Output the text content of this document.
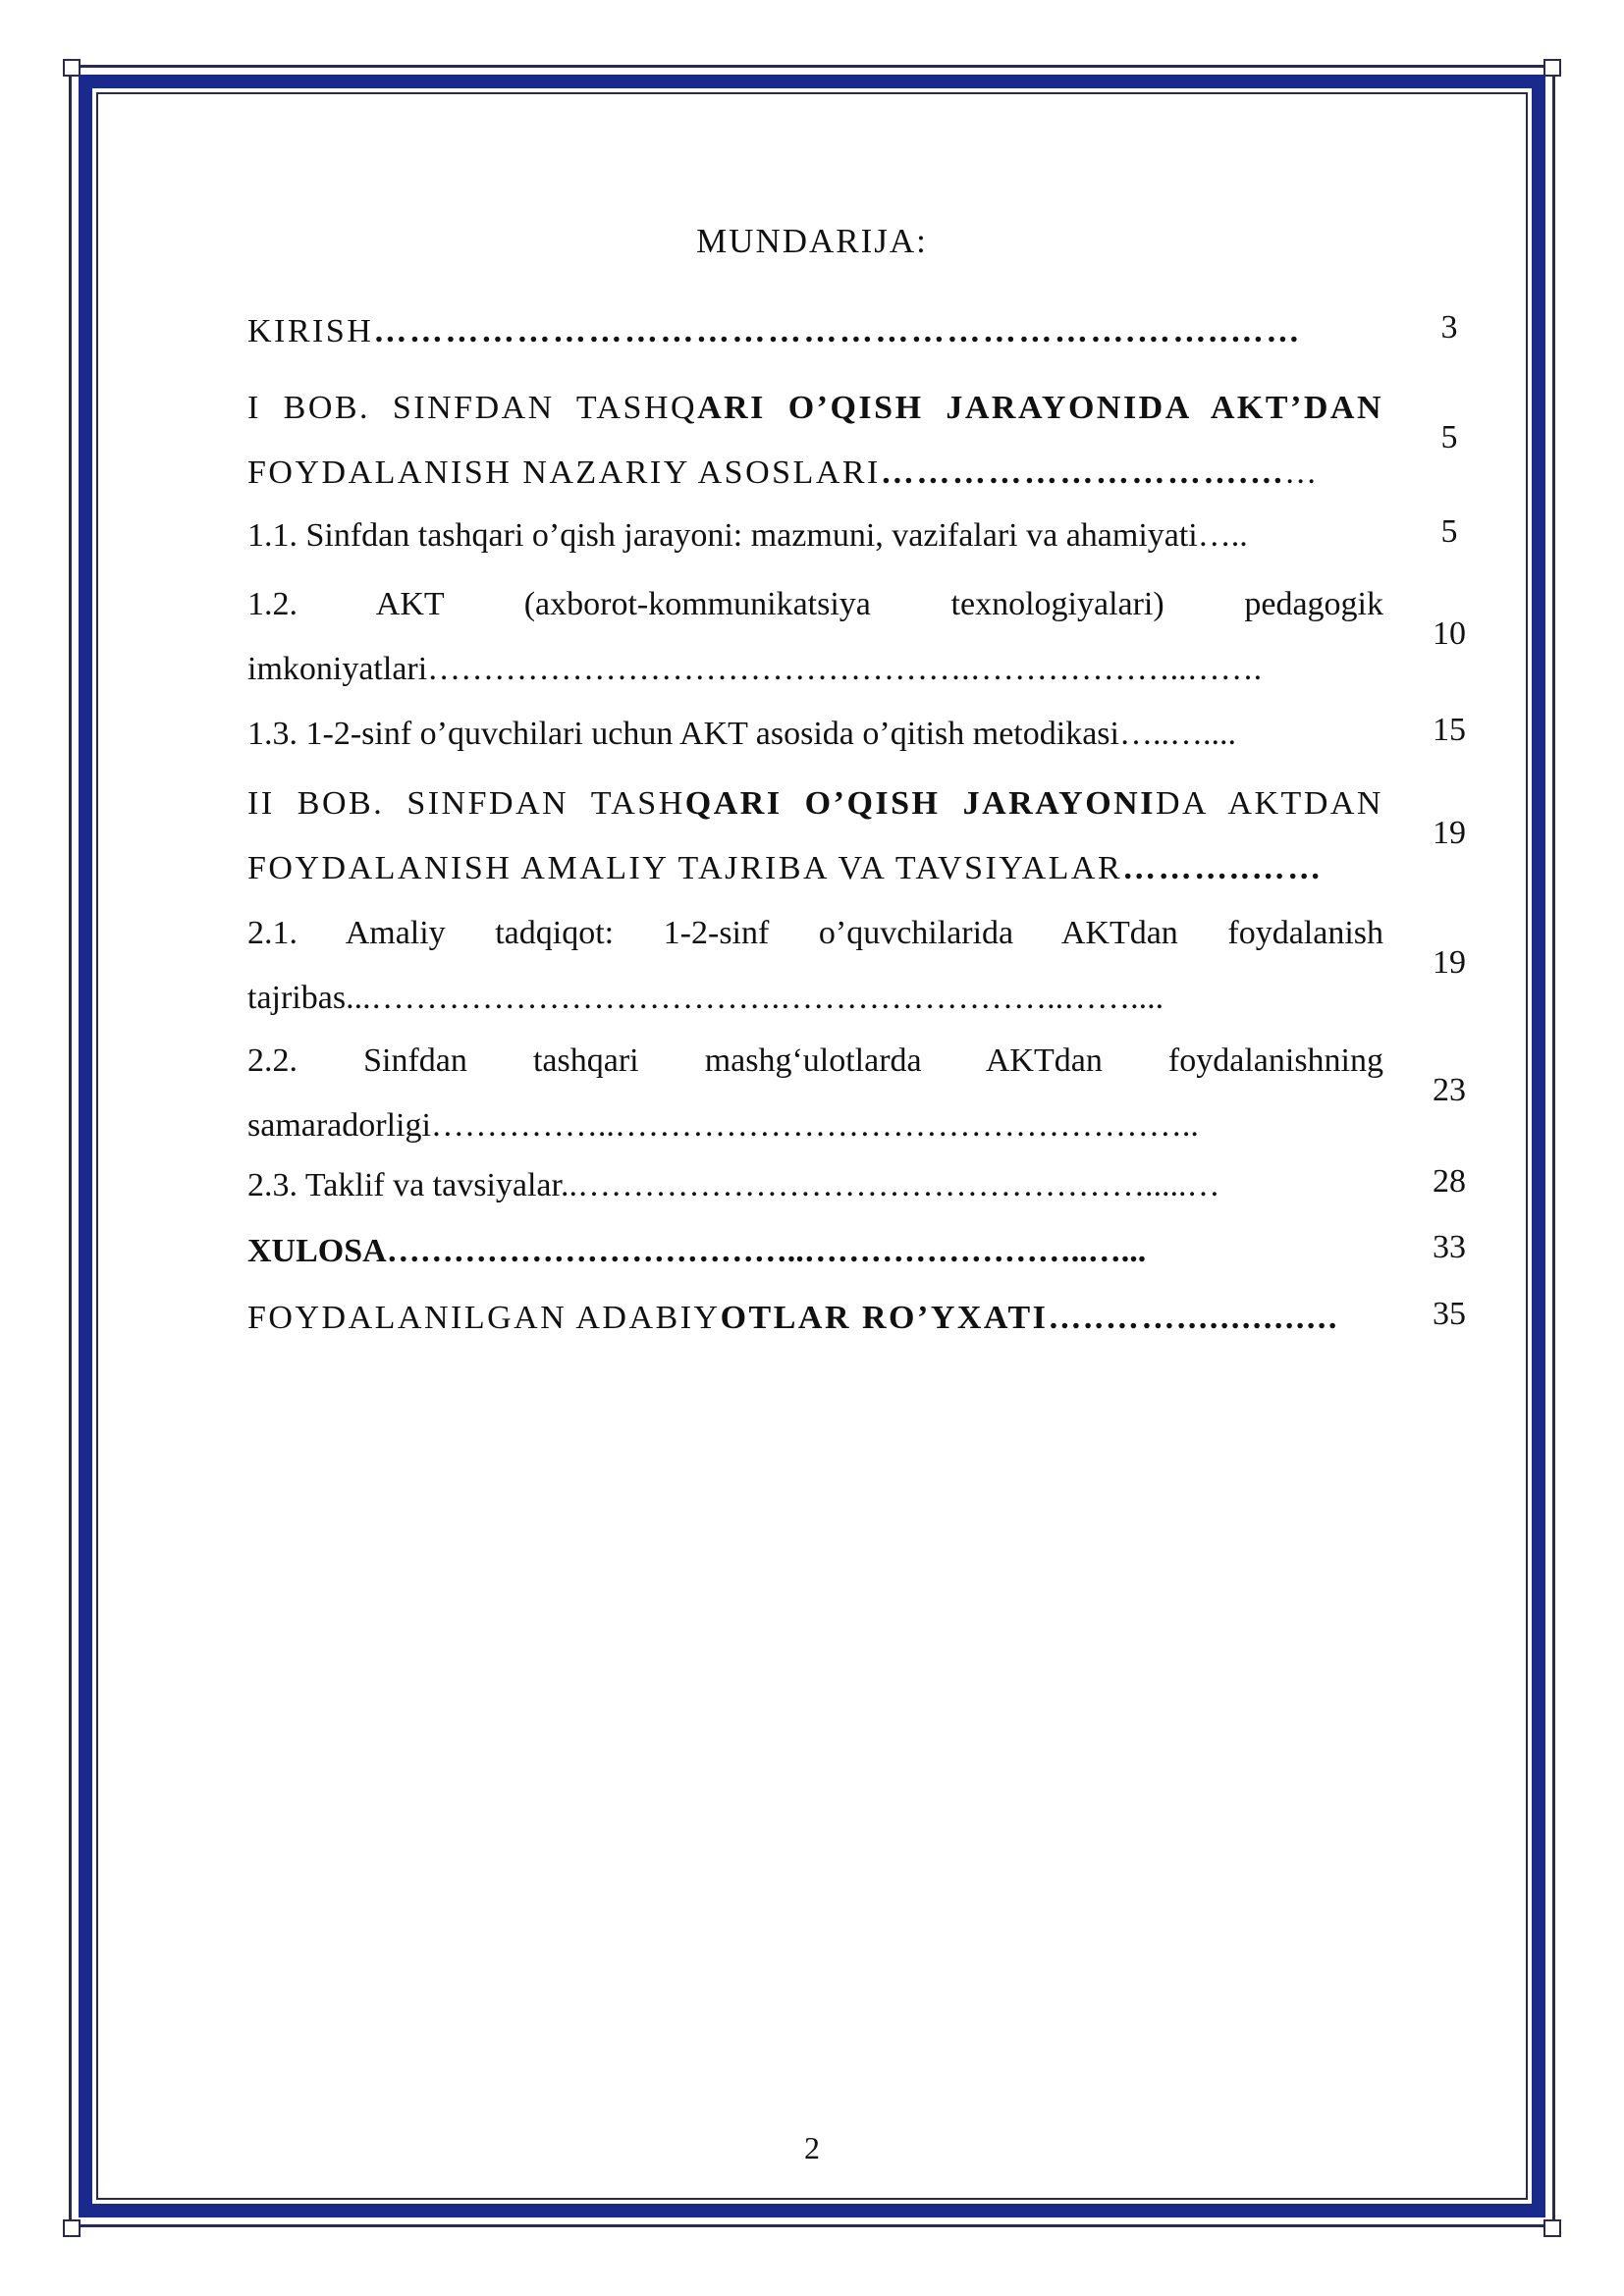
MUNDARIJA:
KIRISH……………………………………………………….……..……	3
I BOB. SINFDAN TASHQARI O’QISH JARAYONIDA AKT’DAN FOYDALANISH NAZARIY ASOSLARI………………………….…...
5
1.1. Sinfdan tashqari o’qish jarayoni: mazmuni, vazifalari va ahamiyati…..	5
1.2. AKT (axborot-kommunikatsiya texnologiyalari) pedagogik imkoniyatlari………………………………………….………………..…….
10
1.3. 1-2-sinf o’quvchilari uchun AKT asosida o’qitish metodikasi…..…....	15
II BOB. SINFDAN TASHQARI O’QISH JARAYONIDA AKTDAN FOYDALANISH AMALIY TAJRIBA VA TAVSIYALAR………..……
19
2.1. Amaliy tadqiqot: 1-2-sinf o’quvchilarida AKTdan foydalanish tajribas...……………………………….……………………..……....
19
2.2. Sinfdan tashqari mashg‘ulotlarda AKTdan foydalanishning samaradorligi……………..……………………………………………..
23
2.3. Taklif va tavsiyalar..…………………………………………….....…	28
XULOSA………………………………..……………………..…...	33
FOYDALANILGAN ADABIYOTLAR RO’YXATI…..……...............	35
2
